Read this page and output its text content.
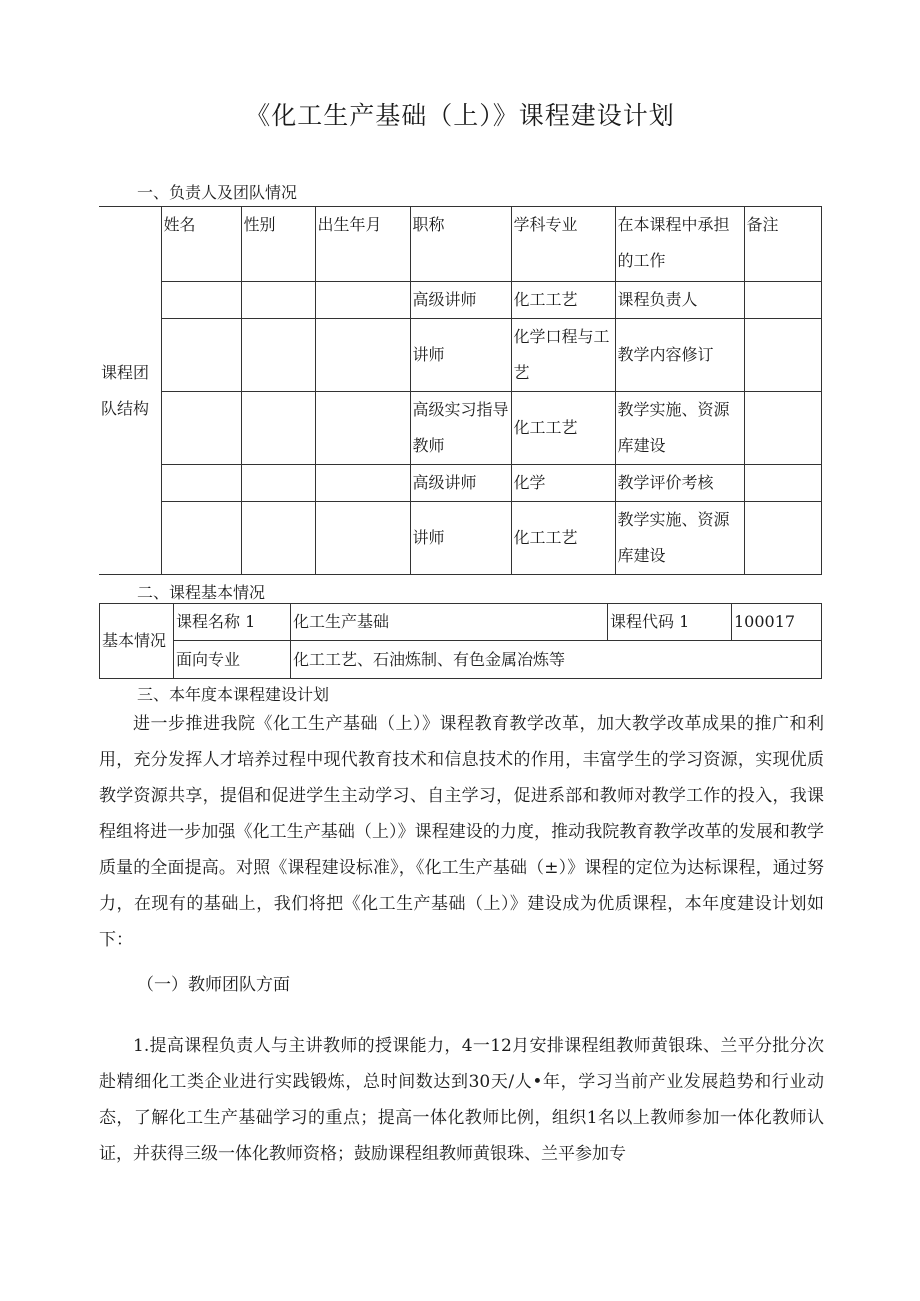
《化工生产基础（上）》课程建设计划
一、负责人及团队情况
课程团队结构	姓名	性别	出生年月	职称	学科专业	在本课程中承担的工作	备注
				高级讲师	化工工艺	课程负责人	
				讲师	化学口程与工艺	教学内容修订	
				高级实习指导教师	化工工艺	教学实施、资源库建设	
				高级讲师	化学	教学评价考核	
				讲师	化工工艺	教学实施、资源库建设	
二、课程基本情况
基本情况	课程名称 1	化工生产基础	课程代码 1	100017
	面向专业	化工工艺、石油炼制、有色金属冶炼等		
三、本年度本课程建设计划

进一步推进我院《化工生产基础（上）》课程教育教学改革，加大教学改革成果的推广和利用，充分发挥人才培养过程中现代教育技术和信息技术的作用，丰富学生的学习资源，实现优质教学资源共享，提倡和促进学生主动学习、自主学习，促进系部和教师对教学工作的投入，我课程组将进一步加强《化工生产基础（上）》课程建设的力度，推动我院教育教学改革的发展和教学质量的全面提高。对照《课程建设标准》，《化工生产基础（±）》课程的定位为达标课程，通过努力，在现有的基础上，我们将把《化工生产基础（上）》建设成为优质课程，本年度建设计划如下：

（一）教师团队方面

1.提高课程负责人与主讲教师的授课能力，4一12月安排课程组教师黄银珠、兰平分批分次赴精细化工类企业进行实践锻炼，总时间数达到30天/人•年，学习当前产业发展趋势和行业动态，了解化工生产基础学习的重点；提高一体化教师比例，组织1名以上教师参加一体化教师认证，并获得三级一体化教师资格；鼓励课程组教师黄银珠、兰平参加专
